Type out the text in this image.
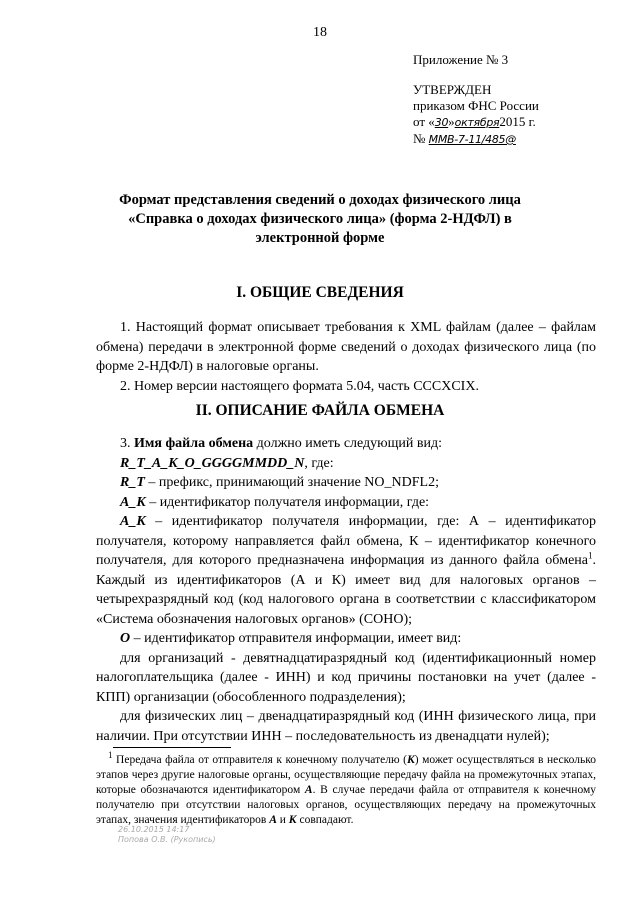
18
Приложение № 3
УТВЕРЖДЕН
приказом ФНС России
от «30»октября2015 г.
№ ММВ-7-11/485@
Формат представления сведений о доходах физического лица
«Справка о доходах физического лица» (форма 2-НДФЛ) в
электронной форме
I. ОБЩИЕ СВЕДЕНИЯ

1. Настоящий формат описывает требования к XML файлам (далее – файлам обмена) передачи в электронной форме сведений о доходах физического лица (по форме 2-НДФЛ) в налоговые органы.

2. Номер версии настоящего формата 5.04, часть CCCXCIX.

II. ОПИСАНИЕ ФАЙЛА ОБМЕНА

3. Имя файла обмена должно иметь следующий вид:

R_T_A_K_O_GGGGMMDD_N, где:

R_T – префикс, принимающий значение NO_NDFL2;

A_K – идентификатор получателя информации, где:

A_K – идентификатор получателя информации, где: А – идентификатор получателя, которому направляется файл обмена, К – идентификатор конечного получателя, для которого предназначена информация из данного файла обмена$^1$. Каждый из идентификаторов (А и К) имеет вид для налоговых органов – четырехразрядный код (код налогового органа в соответствии с классификатором «Система обозначения налоговых органов» (СОНО);

O – идентификатор отправителя информации, имеет вид:

для организаций - девятнадцатиразрядный код (идентификационный номер налогоплательщика (далее - ИНН) и код причины постановки на учет (далее - КПП) организации (обособленного подразделения);

для физических лиц – двенадцатиразрядный код (ИНН физического лица, при наличии. При отсутствии ИНН – последовательность из двенадцати нулей);

$^1$ Передача файла от отправителя к конечному получателю (К) может осуществляться в несколько этапов через другие налоговые органы, осуществляющие передачу файла на промежуточных этапах, которые обозначаются идентификатором А. В случае передачи файла от отправителя к конечному получателю при отсутствии налоговых органов, осуществляющих передачу на промежуточных этапах, значения идентификаторов А и К совпадают.

26.10.2015 14:17
Попова О.В. (Рукопись)
